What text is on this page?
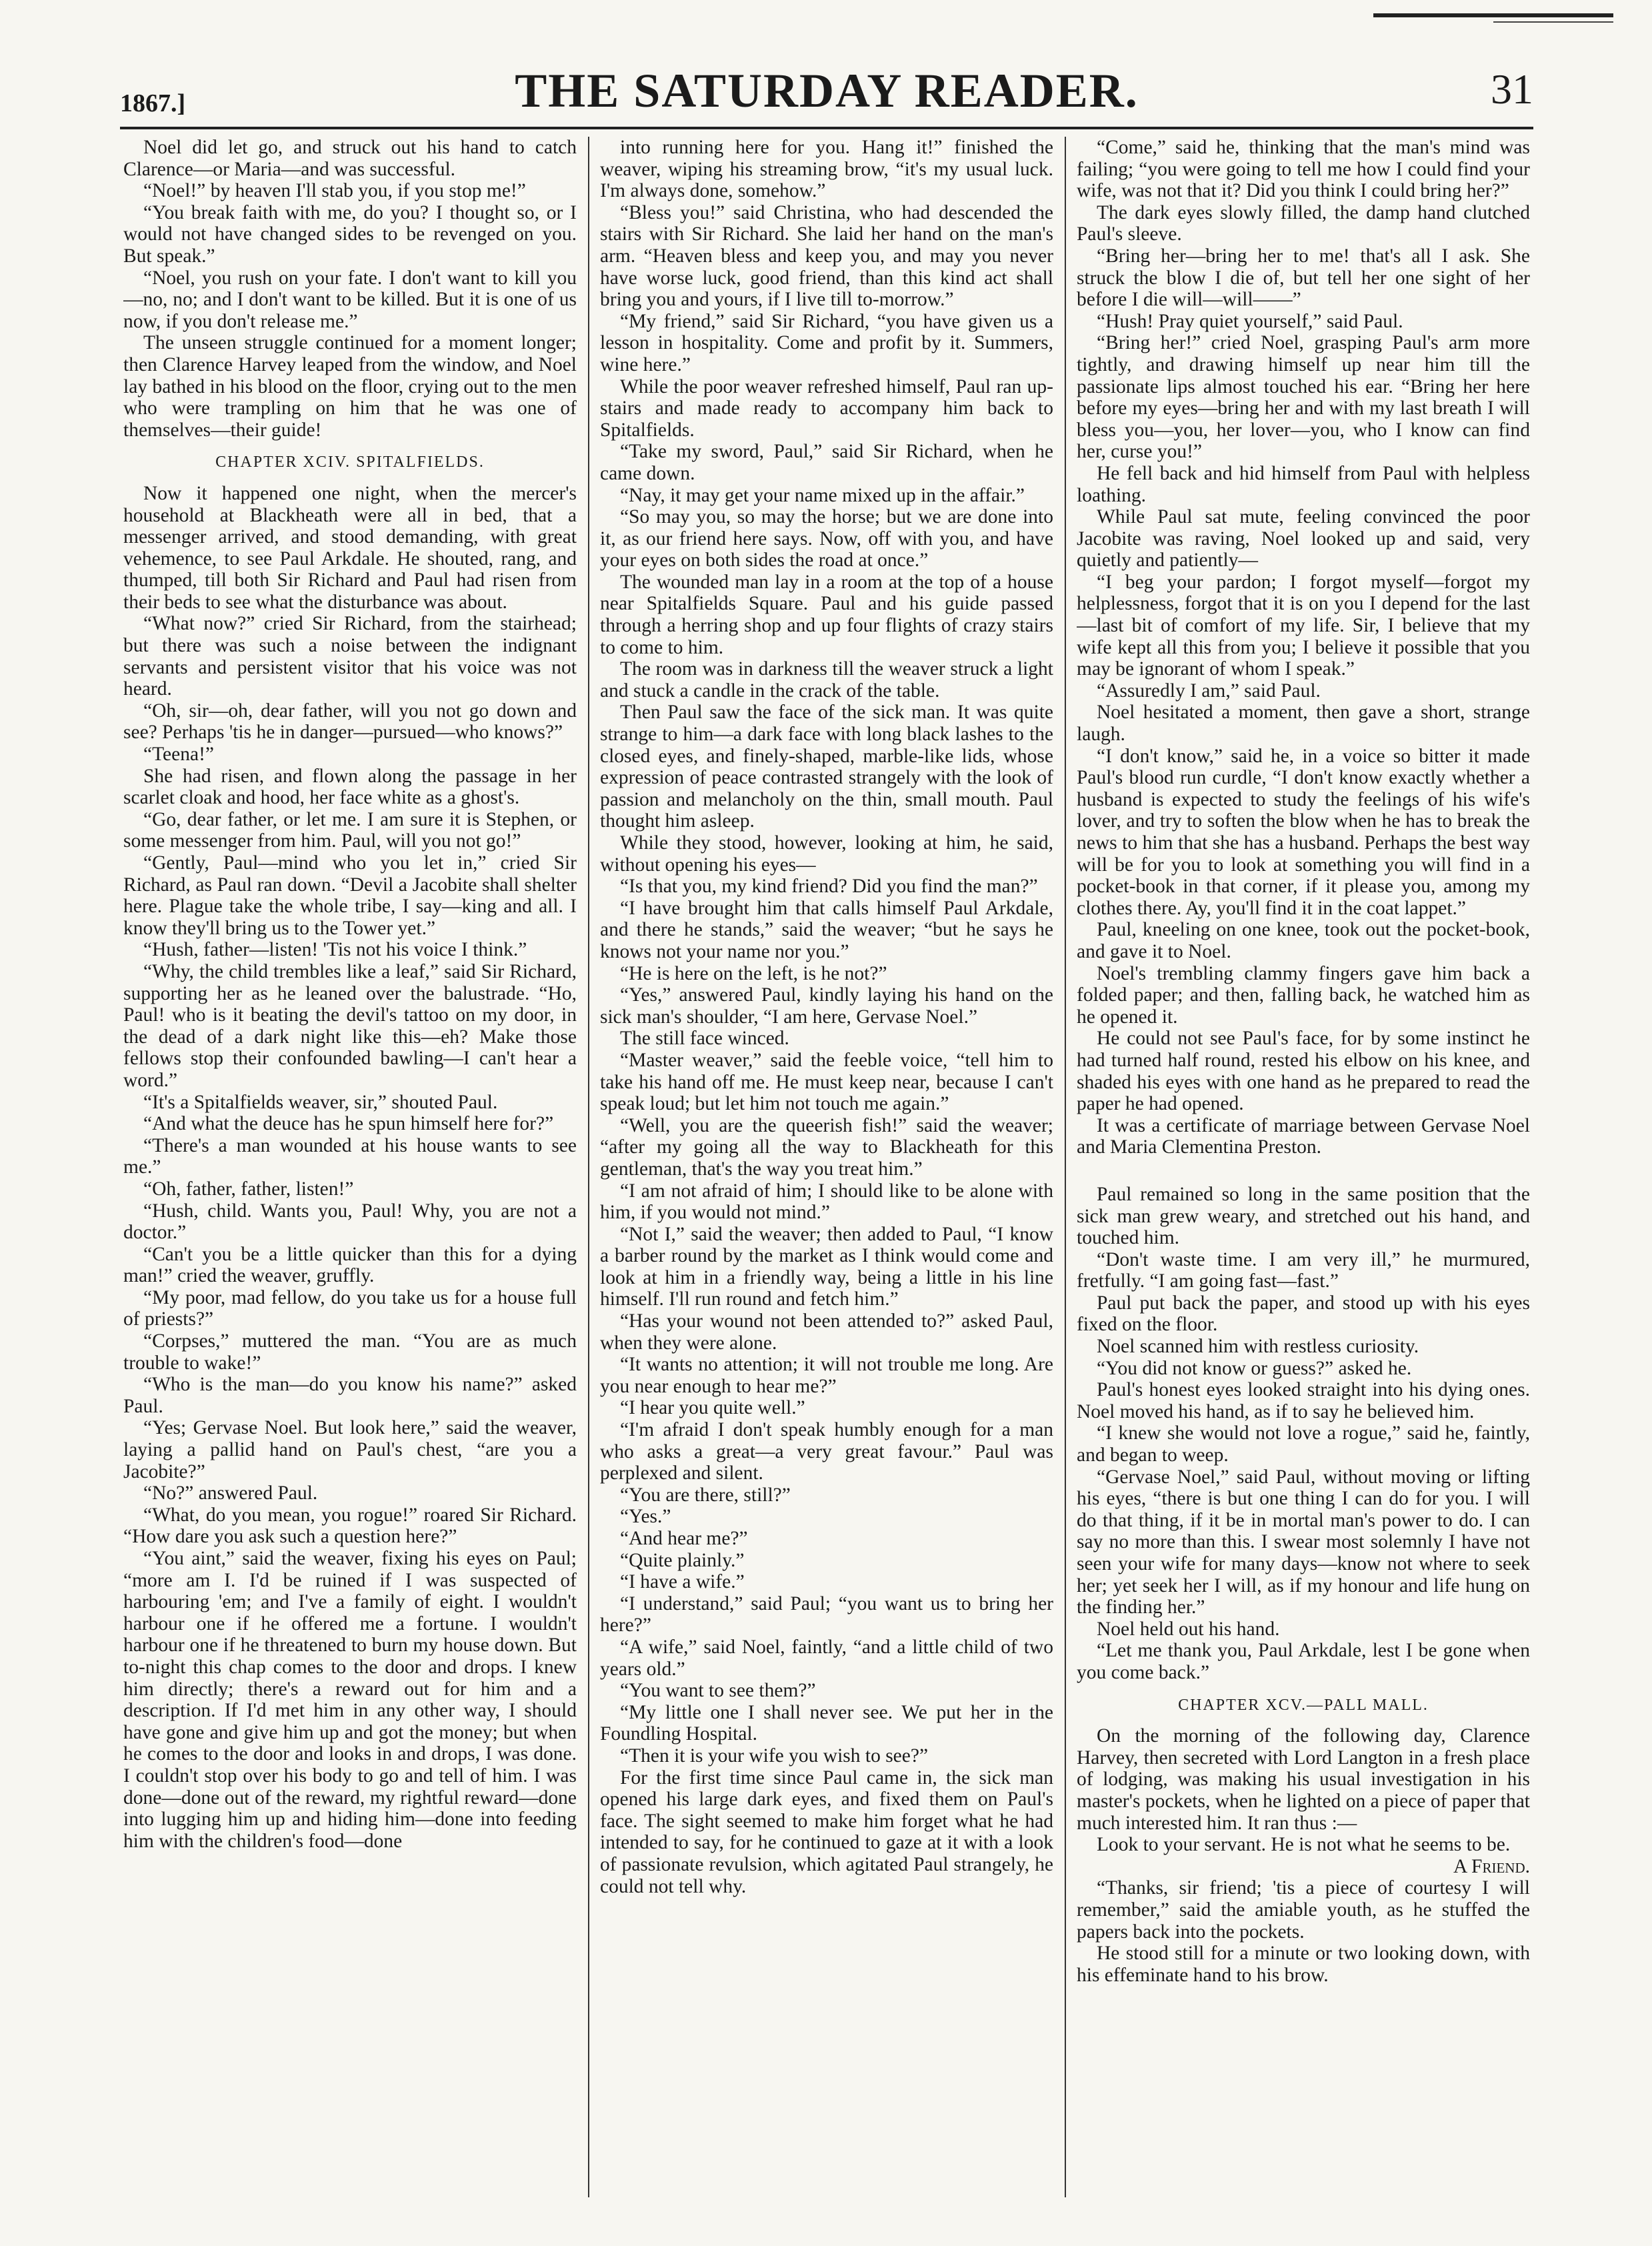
1867.]	THE SATURDAY READER.	31

Noel did let go, and struck out his hand to catch Clarence—or Maria—and was successful.

“Noel!” by heaven I'll stab you, if you stop me!”

“You break faith with me, do you? I thought so, or I would not have changed sides to be revenged on you. But speak.”

“Noel, you rush on your fate. I don't want to kill you—no, no; and I don't want to be killed. But it is one of us now, if you don't release me.”

The unseen struggle continued for a moment longer; then Clarence Harvey leaped from the window, and Noel lay bathed in his blood on the floor, crying out to the men who were trampling on him that he was one of themselves—their guide!

CHAPTER XCIV. SPITALFIELDS.

Now it happened one night, when the mercer's household at Blackheath were all in bed, that a messenger arrived, and stood demanding, with great vehemence, to see Paul Arkdale. He shouted, rang, and thumped, till both Sir Richard and Paul had risen from their beds to see what the disturbance was about.

“What now?” cried Sir Richard, from the stairhead; but there was such a noise between the indignant servants and persistent visitor that his voice was not heard.

“Oh, sir—oh, dear father, will you not go down and see? Perhaps 'tis he in danger—pursued—who knows?”

“Teena!”

She had risen, and flown along the passage in her scarlet cloak and hood, her face white as a ghost's.

“Go, dear father, or let me. I am sure it is Stephen, or some messenger from him. Paul, will you not go!”

“Gently, Paul—mind who you let in,” cried Sir Richard, as Paul ran down. “Devil a Jacobite shall shelter here. Plague take the whole tribe, I say—king and all. I know they'll bring us to the Tower yet.”

“Hush, father—listen! 'Tis not his voice I think.”

“Why, the child trembles like a leaf,” said Sir Richard, supporting her as he leaned over the balustrade. “Ho, Paul! who is it beating the devil's tattoo on my door, in the dead of a dark night like this—eh? Make those fellows stop their confounded bawling—I can't hear a word.”

“It's a Spitalfields weaver, sir,” shouted Paul.

“And what the deuce has he spun himself here for?”

“There's a man wounded at his house wants to see me.”

“Oh, father, father, listen!”

“Hush, child. Wants you, Paul! Why, you are not a doctor.”

“Can't you be a little quicker than this for a dying man!” cried the weaver, gruffly.

“My poor, mad fellow, do you take us for a house full of priests?”

“Corpses,” muttered the man. “You are as much trouble to wake!”

“Who is the man—do you know his name?” asked Paul.

“Yes; Gervase Noel. But look here,” said the weaver, laying a pallid hand on Paul's chest, “are you a Jacobite?”

“No?” answered Paul.

“What, do you mean, you rogue!” roared Sir Richard. “How dare you ask such a question here?”

“You aint,” said the weaver, fixing his eyes on Paul; “more am I. I'd be ruined if I was suspected of harbouring 'em; and I've a family of eight. I wouldn't harbour one if he offered me a fortune. I wouldn't harbour one if he threatened to burn my house down. But to-night this chap comes to the door and drops. I knew him directly; there's a reward out for him and a description. If I'd met him in any other way, I should have gone and give him up and got the money; but when he comes to the door and looks in and drops, I was done. I couldn't stop over his body to go and tell of him. I was done—done out of the reward, my rightful reward—done into lugging him up and hiding him—done into feeding him with the children's food—done

into running here for you. Hang it!” finished the weaver, wiping his streaming brow, “it's my usual luck. I'm always done, somehow.”

“Bless you!” said Christina, who had descended the stairs with Sir Richard. She laid her hand on the man's arm. “Heaven bless and keep you, and may you never have worse luck, good friend, than this kind act shall bring you and yours, if I live till to-morrow.”

“My friend,” said Sir Richard, “you have given us a lesson in hospitality. Come and profit by it. Summers, wine here.”

While the poor weaver refreshed himself, Paul ran up-stairs and made ready to accompany him back to Spitalfields.

“Take my sword, Paul,” said Sir Richard, when he came down.

“Nay, it may get your name mixed up in the affair.”

“So may you, so may the horse; but we are done into it, as our friend here says. Now, off with you, and have your eyes on both sides the road at once.”

The wounded man lay in a room at the top of a house near Spitalfields Square. Paul and his guide passed through a herring shop and up four flights of crazy stairs to come to him.

The room was in darkness till the weaver struck a light and stuck a candle in the crack of the table.

Then Paul saw the face of the sick man. It was quite strange to him—a dark face with long black lashes to the closed eyes, and finely-shaped, marble-like lids, whose expression of peace contrasted strangely with the look of passion and melancholy on the thin, small mouth. Paul thought him asleep.

While they stood, however, looking at him, he said, without opening his eyes—

“Is that you, my kind friend? Did you find the man?”

“I have brought him that calls himself Paul Arkdale, and there he stands,” said the weaver; “but he says he knows not your name nor you.”

“He is here on the left, is he not?”

“Yes,” answered Paul, kindly laying his hand on the sick man's shoulder, “I am here, Gervase Noel.”

The still face winced.

“Master weaver,” said the feeble voice, “tell him to take his hand off me. He must keep near, because I can't speak loud; but let him not touch me again.”

“Well, you are the queerish fish!” said the weaver; “after my going all the way to Blackheath for this gentleman, that's the way you treat him.”

“I am not afraid of him; I should like to be alone with him, if you would not mind.”

“Not I,” said the weaver; then added to Paul, “I know a barber round by the market as I think would come and look at him in a friendly way, being a little in his line himself. I'll run round and fetch him.”

“Has your wound not been attended to?” asked Paul, when they were alone.

“It wants no attention; it will not trouble me long. Are you near enough to hear me?”

“I hear you quite well.”

“I'm afraid I don't speak humbly enough for a man who asks a great—a very great favour.” Paul was perplexed and silent.

“You are there, still?”

“Yes.”

“And hear me?”

“Quite plainly.”

“I have a wife.”

“I understand,” said Paul; “you want us to bring her here?”

“A wife,” said Noel, faintly, “and a little child of two years old.”

“You want to see them?”

“My little one I shall never see. We put her in the Foundling Hospital.

“Then it is your wife you wish to see?”

For the first time since Paul came in, the sick man opened his large dark eyes, and fixed them on Paul's face. The sight seemed to make him forget what he had intended to say, for he continued to gaze at it with a look of passionate revulsion, which agitated Paul strangely, he could not tell why.

“Come,” said he, thinking that the man's mind was failing; “you were going to tell me how I could find your wife, was not that it? Did you think I could bring her?”

The dark eyes slowly filled, the damp hand clutched Paul's sleeve.

“Bring her—bring her to me! that's all I ask. She struck the blow I die of, but tell her one sight of her before I die will—will——”

“Hush! Pray quiet yourself,” said Paul.

“Bring her!” cried Noel, grasping Paul's arm more tightly, and drawing himself up near him till the passionate lips almost touched his ear. “Bring her here before my eyes—bring her and with my last breath I will bless you—you, her lover—you, who I know can find her, curse you!”

He fell back and hid himself from Paul with helpless loathing.

While Paul sat mute, feeling convinced the poor Jacobite was raving, Noel looked up and said, very quietly and patiently—

“I beg your pardon; I forgot myself—forgot my helplessness, forgot that it is on you I depend for the last—last bit of comfort of my life. Sir, I believe that my wife kept all this from you; I believe it possible that you may be ignorant of whom I speak.”

“Assuredly I am,” said Paul.

Noel hesitated a moment, then gave a short, strange laugh.

“I don't know,” said he, in a voice so bitter it made Paul's blood run curdle, “I don't know exactly whether a husband is expected to study the feelings of his wife's lover, and try to soften the blow when he has to break the news to him that she has a husband. Perhaps the best way will be for you to look at something you will find in a pocket-book in that corner, if it please you, among my clothes there. Ay, you'll find it in the coat lappet.”

Paul, kneeling on one knee, took out the pocket-book, and gave it to Noel.

Noel's trembling clammy fingers gave him back a folded paper; and then, falling back, he watched him as he opened it.

He could not see Paul's face, for by some instinct he had turned half round, rested his elbow on his knee, and shaded his eyes with one hand as he prepared to read the paper he had opened.

It was a certificate of marriage between Gervase Noel and Maria Clementina Preston.

Paul remained so long in the same position that the sick man grew weary, and stretched out his hand, and touched him.

“Don't waste time. I am very ill,” he murmured, fretfully. “I am going fast—fast.”

Paul put back the paper, and stood up with his eyes fixed on the floor.

Noel scanned him with restless curiosity.

“You did not know or guess?” asked he.

Paul's honest eyes looked straight into his dying ones. Noel moved his hand, as if to say he believed him.

“I knew she would not love a rogue,” said he, faintly, and began to weep.

“Gervase Noel,” said Paul, without moving or lifting his eyes, “there is but one thing I can do for you. I will do that thing, if it be in mortal man's power to do. I can say no more than this. I swear most solemnly I have not seen your wife for many days—know not where to seek her; yet seek her I will, as if my honour and life hung on the finding her.”

Noel held out his hand.

“Let me thank you, Paul Arkdale, lest I be gone when you come back.”

CHAPTER XCV.—PALL MALL.

On the morning of the following day, Clarence Harvey, then secreted with Lord Langton in a fresh place of lodging, was making his usual investigation in his master's pockets, when he lighted on a piece of paper that much interested him. It ran thus :—

Look to your servant. He is not what he seems to be.

A Friend.

“Thanks, sir friend; 'tis a piece of courtesy I will remember,” said the amiable youth, as he stuffed the papers back into the pockets.

He stood still for a minute or two looking down, with his effeminate hand to his brow.
